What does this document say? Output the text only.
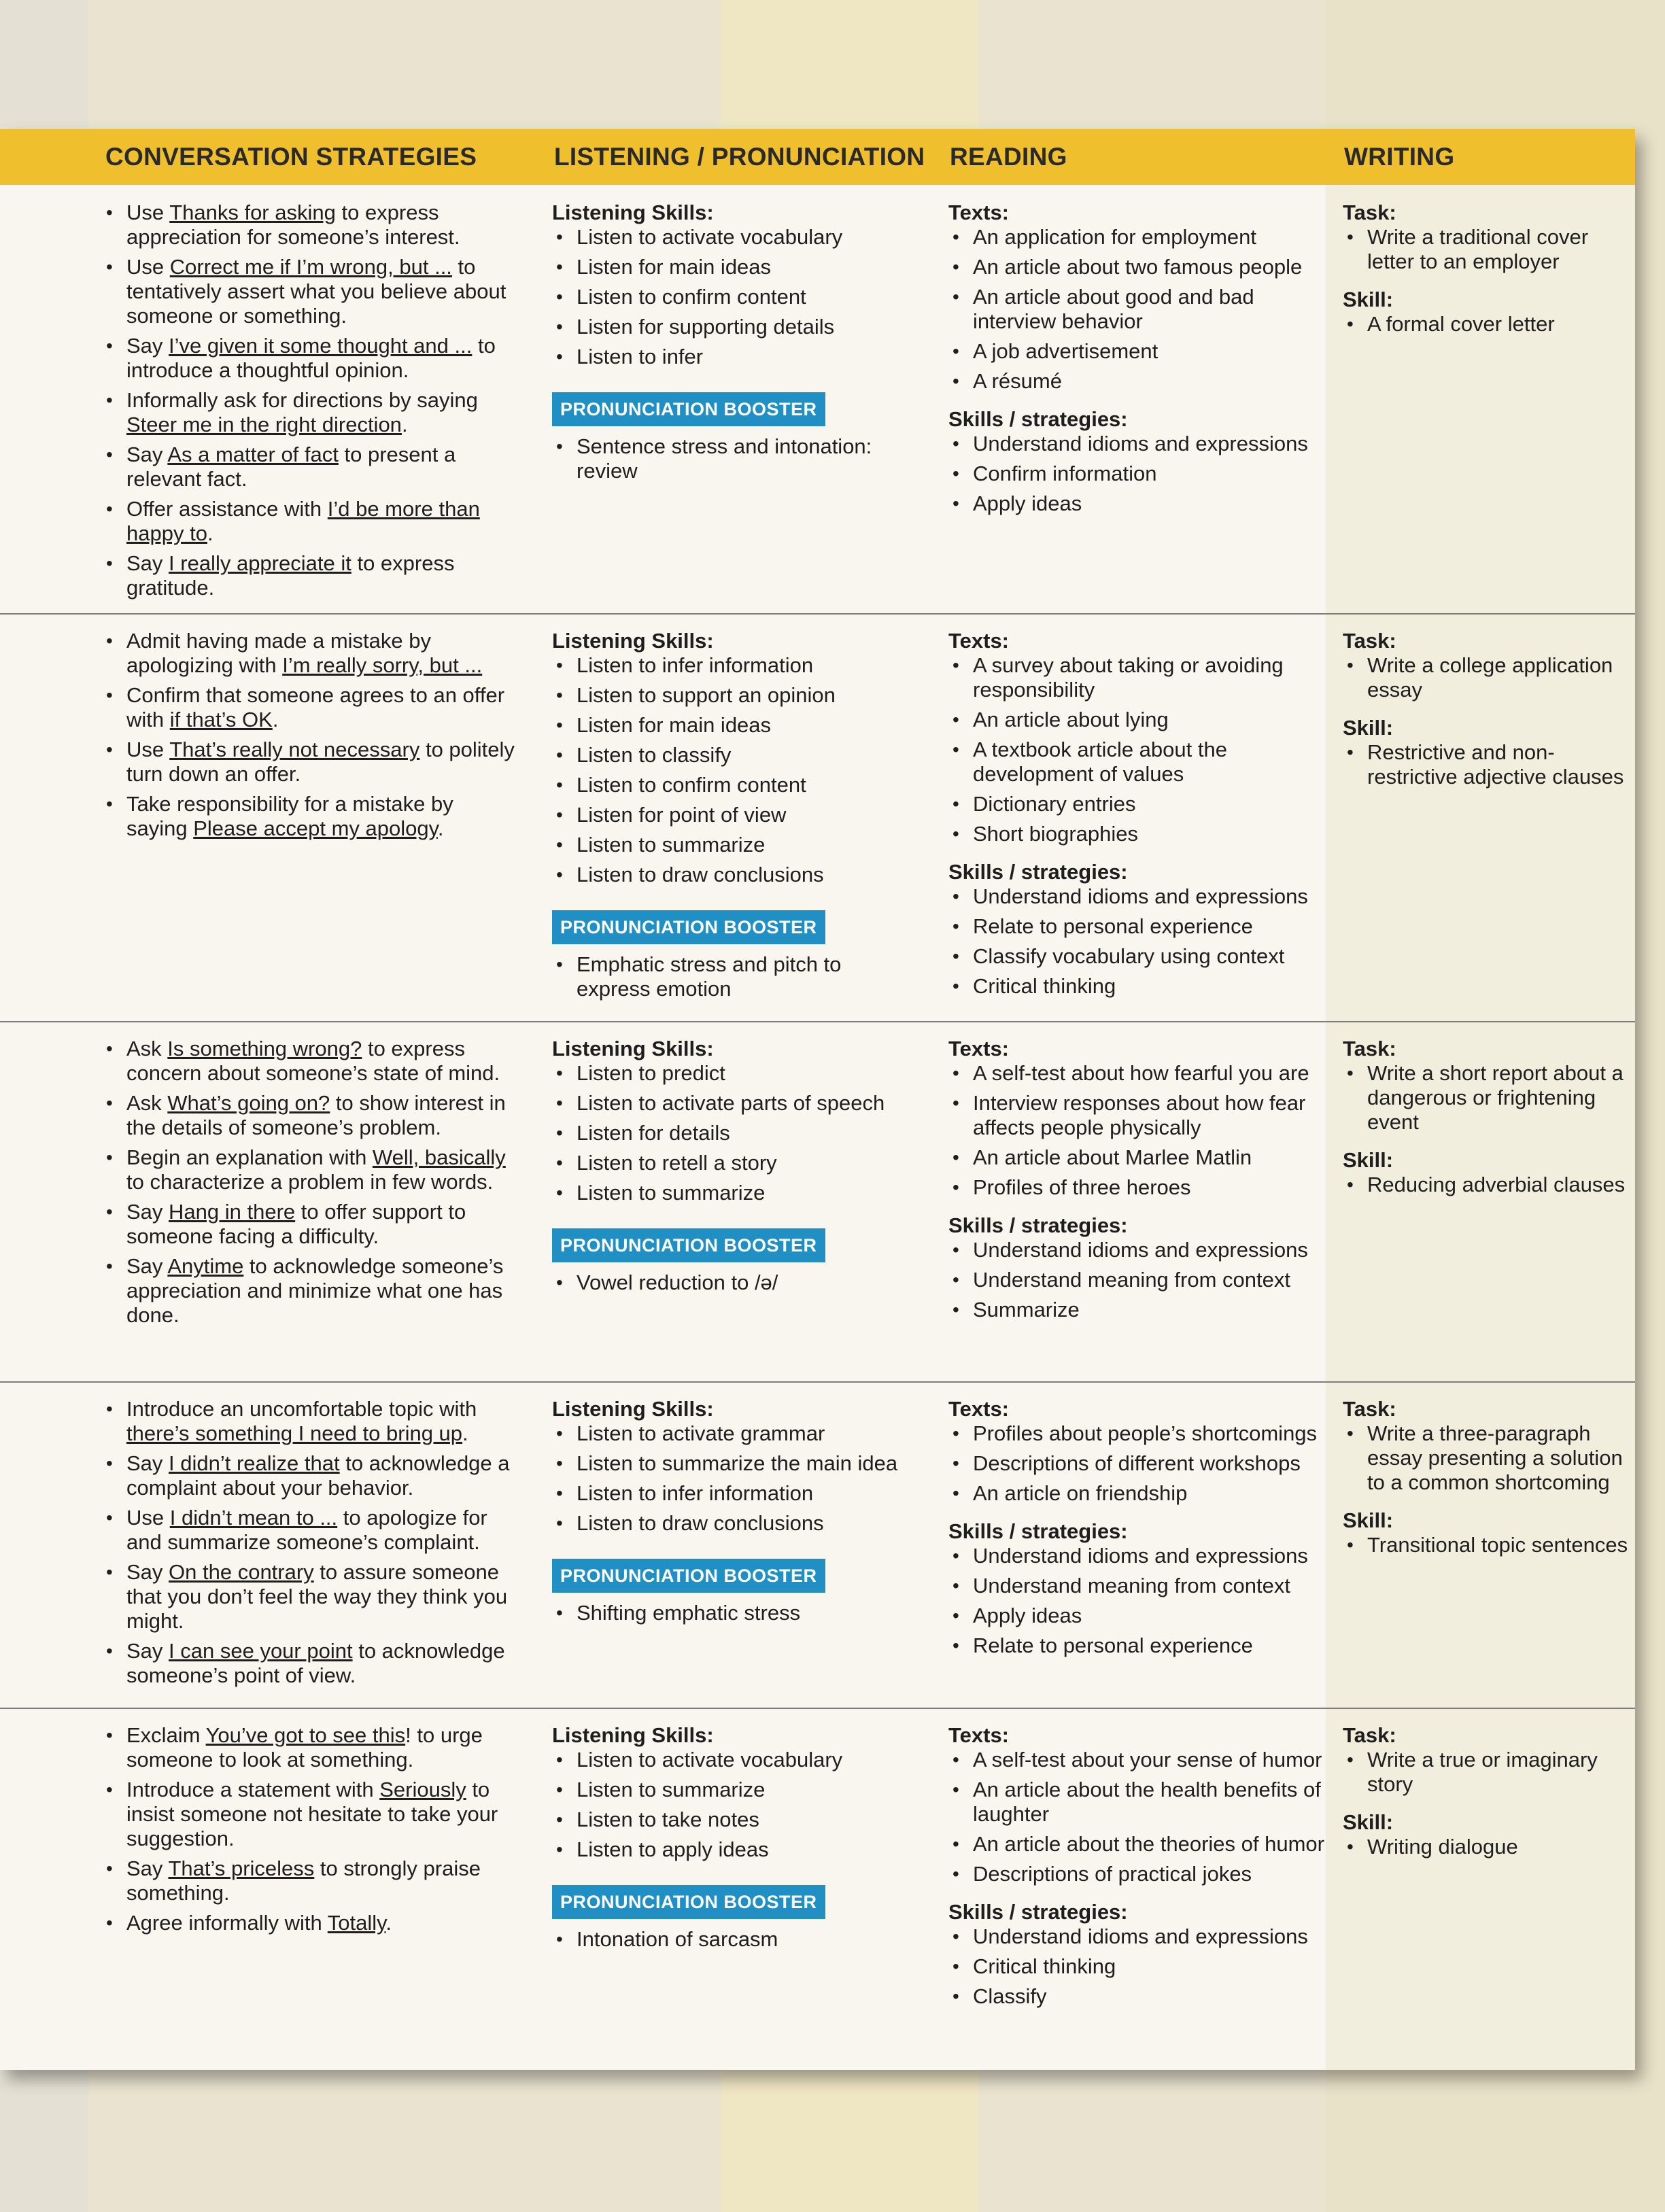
CONVERSATION STRATEGIES	LISTENING / PRONUNCIATION READING	WRITING
• Use Thanks for asking to express appreciation for someone’s interest.
• Use Correct me if I’m wrong, but ... to tentatively assert what you believe about someone or something.
• Say I’ve given it some thought and ... to introduce a thoughtful opinion.
• Informally ask for directions by saying Steer me in the right direction.
• Say As a matter of fact to present a relevant fact.
• Offer assistance with I’d be more than happy to.
• Say I really appreciate it to express gratitude.

Listening Skills:

• Listen to activate vocabulary
• Listen for main ideas
• Listen to confirm content
• Listen for supporting details
• Listen to infer
PRONUNCIATION BOOSTER
• Sentence stress and intonation: review

Texts:

• An application for employment
• An article about two famous people
• An article about good and bad interview behavior
• A job advertisement
• A résumé

Skills / strategies:

• Understand idioms and expressions
• Confirm information
• Apply ideas

Task:

• Write a traditional cover letter to an employer

Skill:

• A formal cover letter
• Admit having made a mistake by apologizing with I’m really sorry, but ...
• Confirm that someone agrees to an offer with if that’s OK.
• Use That’s really not necessary to politely turn down an offer.
• Take responsibility for a mistake by saying Please accept my apology.

Listening Skills:

• Listen to infer information
• Listen to support an opinion
• Listen for main ideas
• Listen to classify
• Listen to confirm content
• Listen for point of view
• Listen to summarize
• Listen to draw conclusions
PRONUNCIATION BOOSTER
• Emphatic stress and pitch to express emotion

Texts:

• A survey about taking or avoiding responsibility
• An article about lying
• A textbook article about the development of values
• Dictionary entries
• Short biographies

Skills / strategies:

• Understand idioms and expressions
• Relate to personal experience
• Classify vocabulary using context
• Critical thinking

Task:

• Write a college application essay

Skill:

• Restrictive and non-restrictive adjective clauses
• Ask Is something wrong? to express concern about someone’s state of mind.
• Ask What’s going on? to show interest in the details of someone’s problem.
• Begin an explanation with Well, basically to characterize a problem in few words.
• Say Hang in there to offer support to someone facing a difficulty.
• Say Anytime to acknowledge someone’s appreciation and minimize what one has done.

Listening Skills:

• Listen to predict
• Listen to activate parts of speech
• Listen for details
• Listen to retell a story
• Listen to summarize
PRONUNCIATION BOOSTER
• Vowel reduction to /ə/

Texts:

• A self-test about how fearful you are
• Interview responses about how fear affects people physically
• An article about Marlee Matlin
• Profiles of three heroes

Skills / strategies:

• Understand idioms and expressions
• Understand meaning from context
• Summarize

Task:

• Write a short report about a dangerous or frightening event

Skill:

• Reducing adverbial clauses
• Introduce an uncomfortable topic with there’s something I need to bring up.
• Say I didn’t realize that to acknowledge a complaint about your behavior.
• Use I didn’t mean to ... to apologize for and summarize someone’s complaint.
• Say On the contrary to assure someone that you don’t feel the way they think you might.
• Say I can see your point to acknowledge someone’s point of view.

Listening Skills:

• Listen to activate grammar
• Listen to summarize the main idea
• Listen to infer information
• Listen to draw conclusions
PRONUNCIATION BOOSTER
• Shifting emphatic stress

Texts:

• Profiles about people’s shortcomings
• Descriptions of different workshops
• An article on friendship

Skills / strategies:

• Understand idioms and expressions
• Understand meaning from context
• Apply ideas
• Relate to personal experience

Task:

• Write a three-paragraph essay presenting a solution to a common shortcoming

Skill:

• Transitional topic sentences
• Exclaim You’ve got to see this! to urge someone to look at something.
• Introduce a statement with Seriously to insist someone not hesitate to take your suggestion.
• Say That’s priceless to strongly praise something.
• Agree informally with Totally.

Listening Skills:

• Listen to activate vocabulary
• Listen to summarize
• Listen to take notes
• Listen to apply ideas
PRONUNCIATION BOOSTER
• Intonation of sarcasm

Texts:

• A self-test about your sense of humor
• An article about the health benefits of laughter
• An article about the theories of humor
• Descriptions of practical jokes

Skills / strategies:

• Understand idioms and expressions
• Critical thinking
• Classify

Task:

• Write a true or imaginary story

Skill:

• Writing dialogue
